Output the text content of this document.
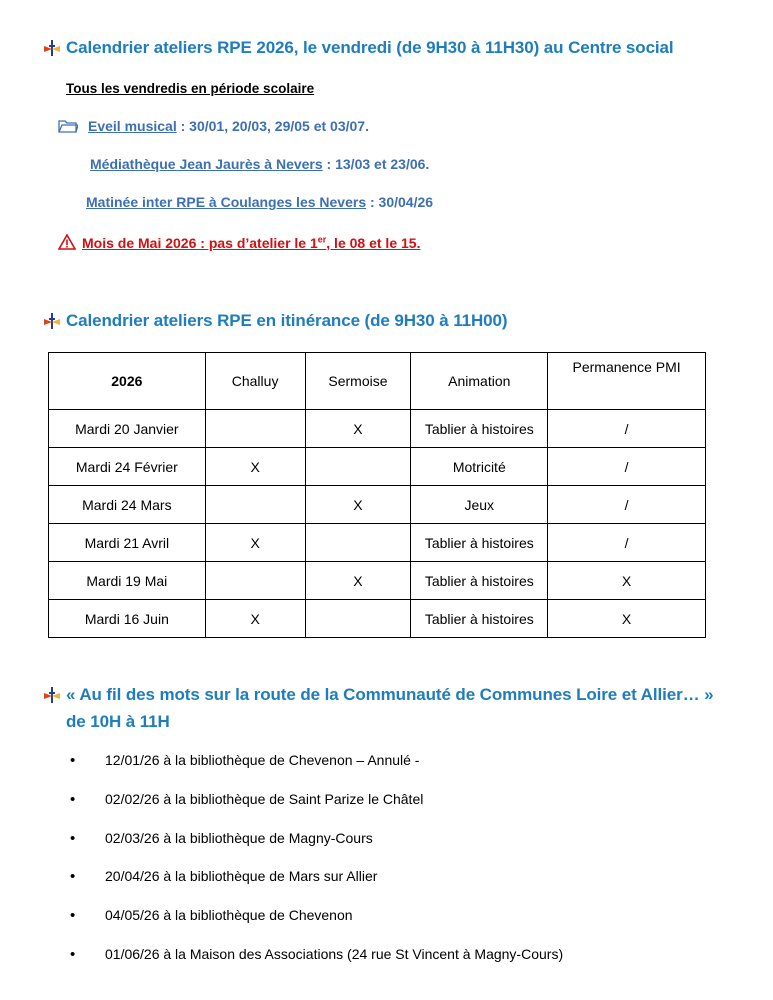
Calendrier ateliers RPE 2026, le vendredi (de 9H30 à 11H30) au Centre social
Tous les vendredis en période scolaire
Eveil musical : 30/01, 20/03, 29/05 et 03/07.
Médiathèque Jean Jaurès à Nevers : 13/03 et 23/06.
Matinée inter RPE à Coulanges les Nevers : 30/04/26
Mois de Mai 2026 : pas d’atelier le 1er, le 08 et le 15.
Calendrier ateliers RPE en itinérance (de 9H30 à 11H00)
2026	Challuy	Sermoise	Animation	Permanence PMI
Mardi 20 Janvier		X	Tablier à histoires	/
Mardi 24 Février	X		Motricité	/
Mardi 24 Mars		X	Jeux	/
Mardi 21 Avril	X		Tablier à histoires	/
Mardi 19 Mai		X	Tablier à histoires	X
Mardi 16 Juin	X		Tablier à histoires	X
« Au fil des mots sur la route de la Communauté de Communes Loire et Allier… »
de 10H à 11H
• 12/01/26 à la bibliothèque de Chevenon – Annulé -
• 02/02/26 à la bibliothèque de Saint Parize le Châtel
• 02/03/26 à la bibliothèque de Magny-Cours
• 20/04/26 à la bibliothèque de Mars sur Allier
• 04/05/26 à la bibliothèque de Chevenon
• 01/06/26 à la Maison des Associations (24 rue St Vincent à Magny-Cours)
